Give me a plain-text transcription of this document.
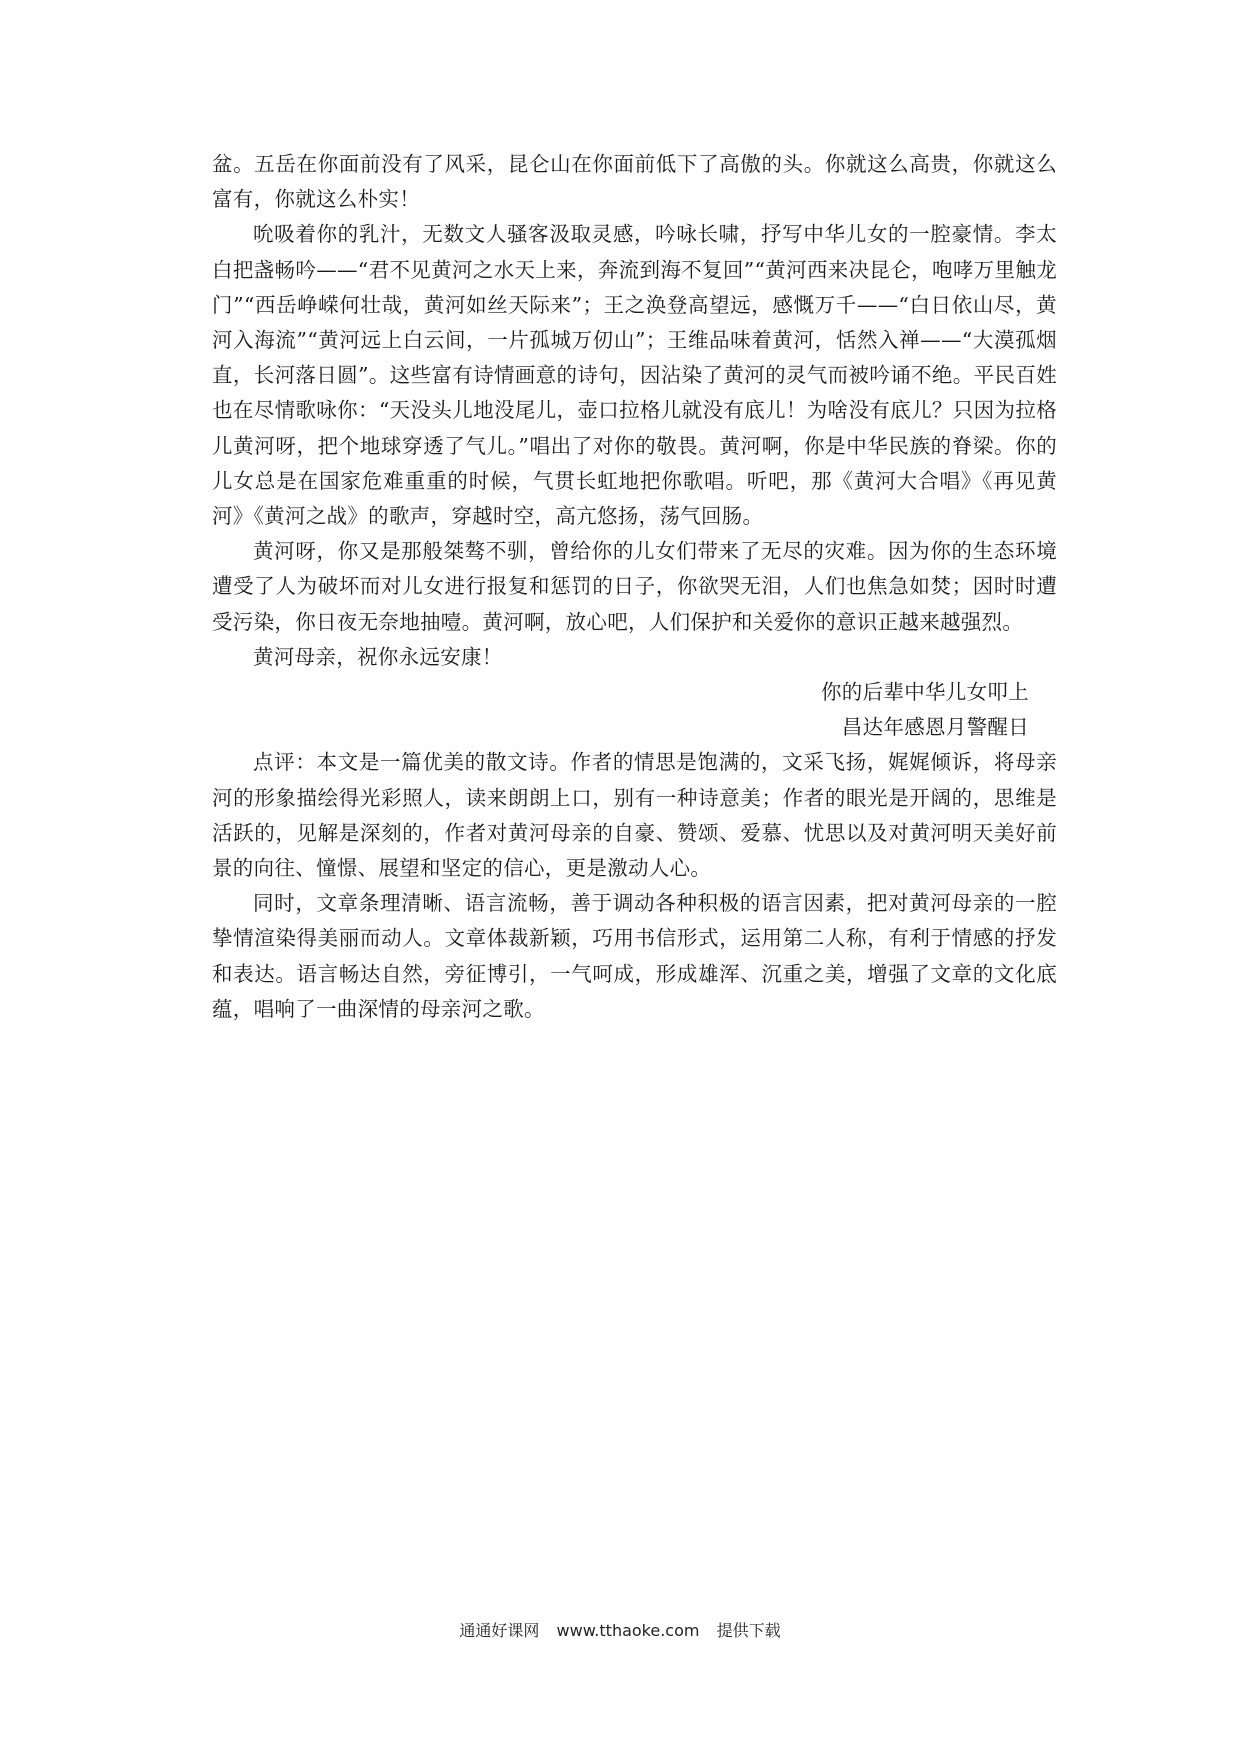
盆。五岳在你面前没有了风采，昆仑山在你面前低下了高傲的头。你就这么高贵，你就这么富有，你就这么朴实！

吮吸着你的乳汁，无数文人骚客汲取灵感，吟咏长啸，抒写中华儿女的一腔豪情。李太白把盏畅吟——“君不见黄河之水天上来，奔流到海不复回”“黄河西来决昆仑，咆哮万里触龙门”“西岳峥嵘何壮哉，黄河如丝天际来”；王之涣登高望远，感慨万千——“白日依山尽，黄河入海流”“黄河远上白云间，一片孤城万仞山”；王维品味着黄河，恬然入禅——“大漠孤烟直，长河落日圆”。这些富有诗情画意的诗句，因沾染了黄河的灵气而被吟诵不绝。平民百姓也在尽情歌咏你：“天没头儿地没尾儿，壶口拉格儿就没有底儿！为啥没有底儿？只因为拉格儿黄河呀，把个地球穿透了气儿。”唱出了对你的敬畏。黄河啊，你是中华民族的脊梁。你的儿女总是在国家危难重重的时候，气贯长虹地把你歌唱。听吧，那《黄河大合唱》《再见黄河》《黄河之战》的歌声，穿越时空，高亢悠扬，荡气回肠。

黄河呀，你又是那般桀骜不驯，曾给你的儿女们带来了无尽的灾难。因为你的生态环境遭受了人为破坏而对儿女进行报复和惩罚的日子，你欲哭无泪，人们也焦急如焚；因时时遭受污染，你日夜无奈地抽噎。黄河啊，放心吧，人们保护和关爱你的意识正越来越强烈。

黄河母亲，祝你永远安康！

你的后辈中华儿女叩上

昌达年感恩月警醒日

点评：本文是一篇优美的散文诗。作者的情思是饱满的，文采飞扬，娓娓倾诉，将母亲河的形象描绘得光彩照人，读来朗朗上口，别有一种诗意美；作者的眼光是开阔的，思维是活跃的，见解是深刻的，作者对黄河母亲的自豪、赞颂、爱慕、忧思以及对黄河明天美好前景的向往、憧憬、展望和坚定的信心，更是激动人心。

同时，文章条理清晰、语言流畅，善于调动各种积极的语言因素，把对黄河母亲的一腔挚情渲染得美丽而动人。文章体裁新颖，巧用书信形式，运用第二人称，有利于情感的抒发和表达。语言畅达自然，旁征博引，一气呵成，形成雄浑、沉重之美，增强了文章的文化底蕴，唱响了一曲深情的母亲河之歌。

通通好课网 www.tthaoke.com 提供下载
